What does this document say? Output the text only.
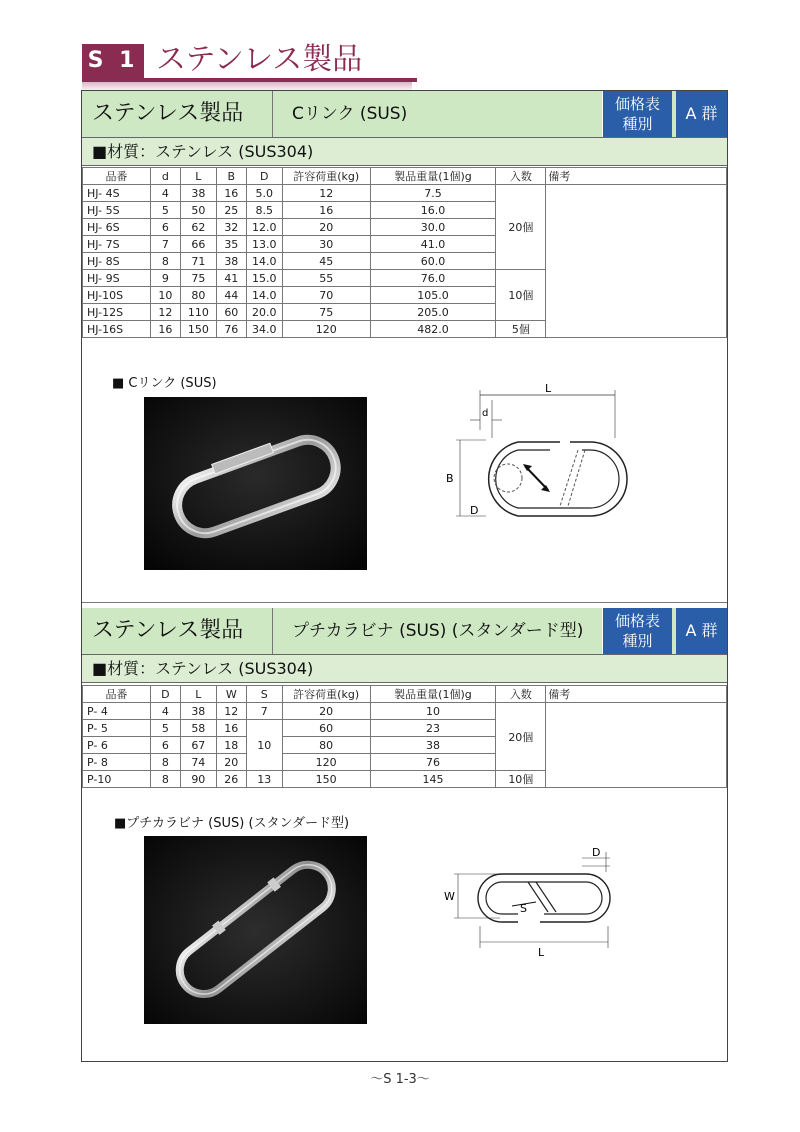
S 1 ステンレス製品
ステンレス製品	Cリンク (SUS)	価格表
種別
A 群
■材質：ステンレス (SUS304)
品番	d	L	B	D	許容荷重(kg)	製品重量(1個)g	入数	備考
HJ- 4S	4	38	16	5.0	12	7.5	20個	
HJ- 5S	5	50	25	8.5	16	16.0		
HJ- 6S	6	62	32	12.0	20	30.0		
HJ- 7S	7	66	35	13.0	30	41.0		
HJ- 8S	8	71	38	14.0	45	60.0		
HJ- 9S	9	75	41	15.0	55	76.0	10個	
HJ-10S	10	80	44	14.0	70	105.0		
HJ-12S	12	110	60	20.0	75	205.0		
HJ-16S	16	150	76	34.0	120	482.0	5個	
■ Cリンク (SUS)	L
d
B
D
ステンレス製品	プチカラビナ (SUS) (スタンダード型)	価格表
種別
A 群
■材質：ステンレス (SUS304)
品番	D	L	W	S	許容荷重(kg)	製品重量(1個)g	入数	備考
P- 4	4	38	12	7	20	10	20個	
P- 5	5	58	16	10	60	23		
P- 6	6	67	18		80	38		
P- 8	8	74	20		120	76		
P-10	8	90	26	13	150	145	10個	
■プチカラビナ (SUS) (スタンダード型)
D
W
S
L
～S 1-3～
